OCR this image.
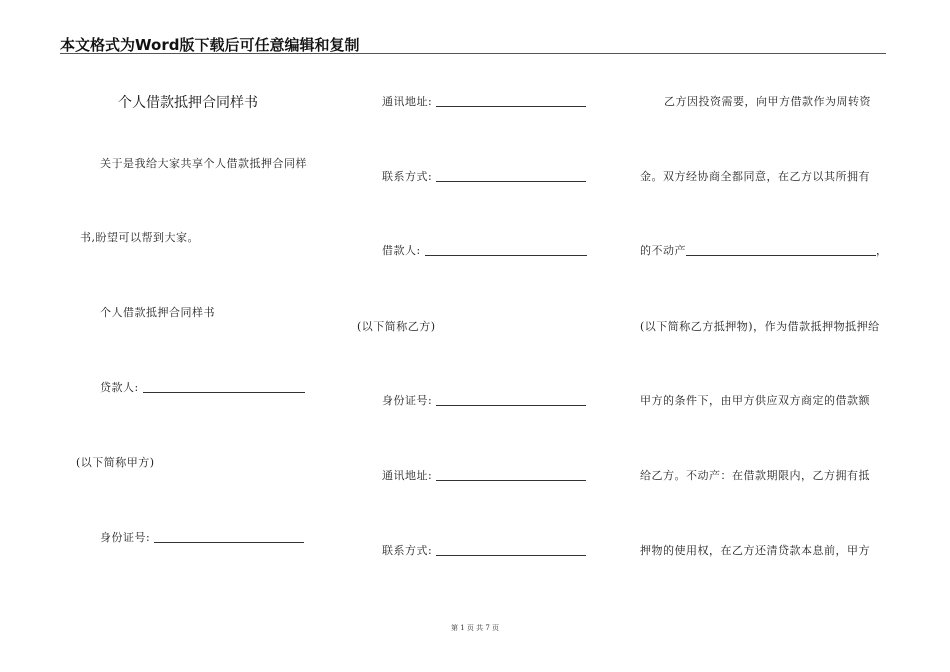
本文格式为Word版下载后可任意编辑和复制
个人借款抵押合同样书
关于是我给大家共享个人借款抵押合同样
书,盼望可以帮到大家。
个人借款抵押合同样书
贷款人:
(以下简称甲方)
身份证号:
通讯地址:
联系方式:
借款人:
(以下简称乙方)
身份证号:
通讯地址:
联系方式:
乙方因投资需要，向甲方借款作为周转资
金。双方经协商全都同意，在乙方以其所拥有
的不动产	，
(以下简称乙方抵押物)，作为借款抵押物抵押给
甲方的条件下，由甲方供应双方商定的借款额
给乙方。不动产：在借款期限内，乙方拥有抵
押物的使用权，在乙方还清贷款本息前，甲方
第 1 页 共 7 页
